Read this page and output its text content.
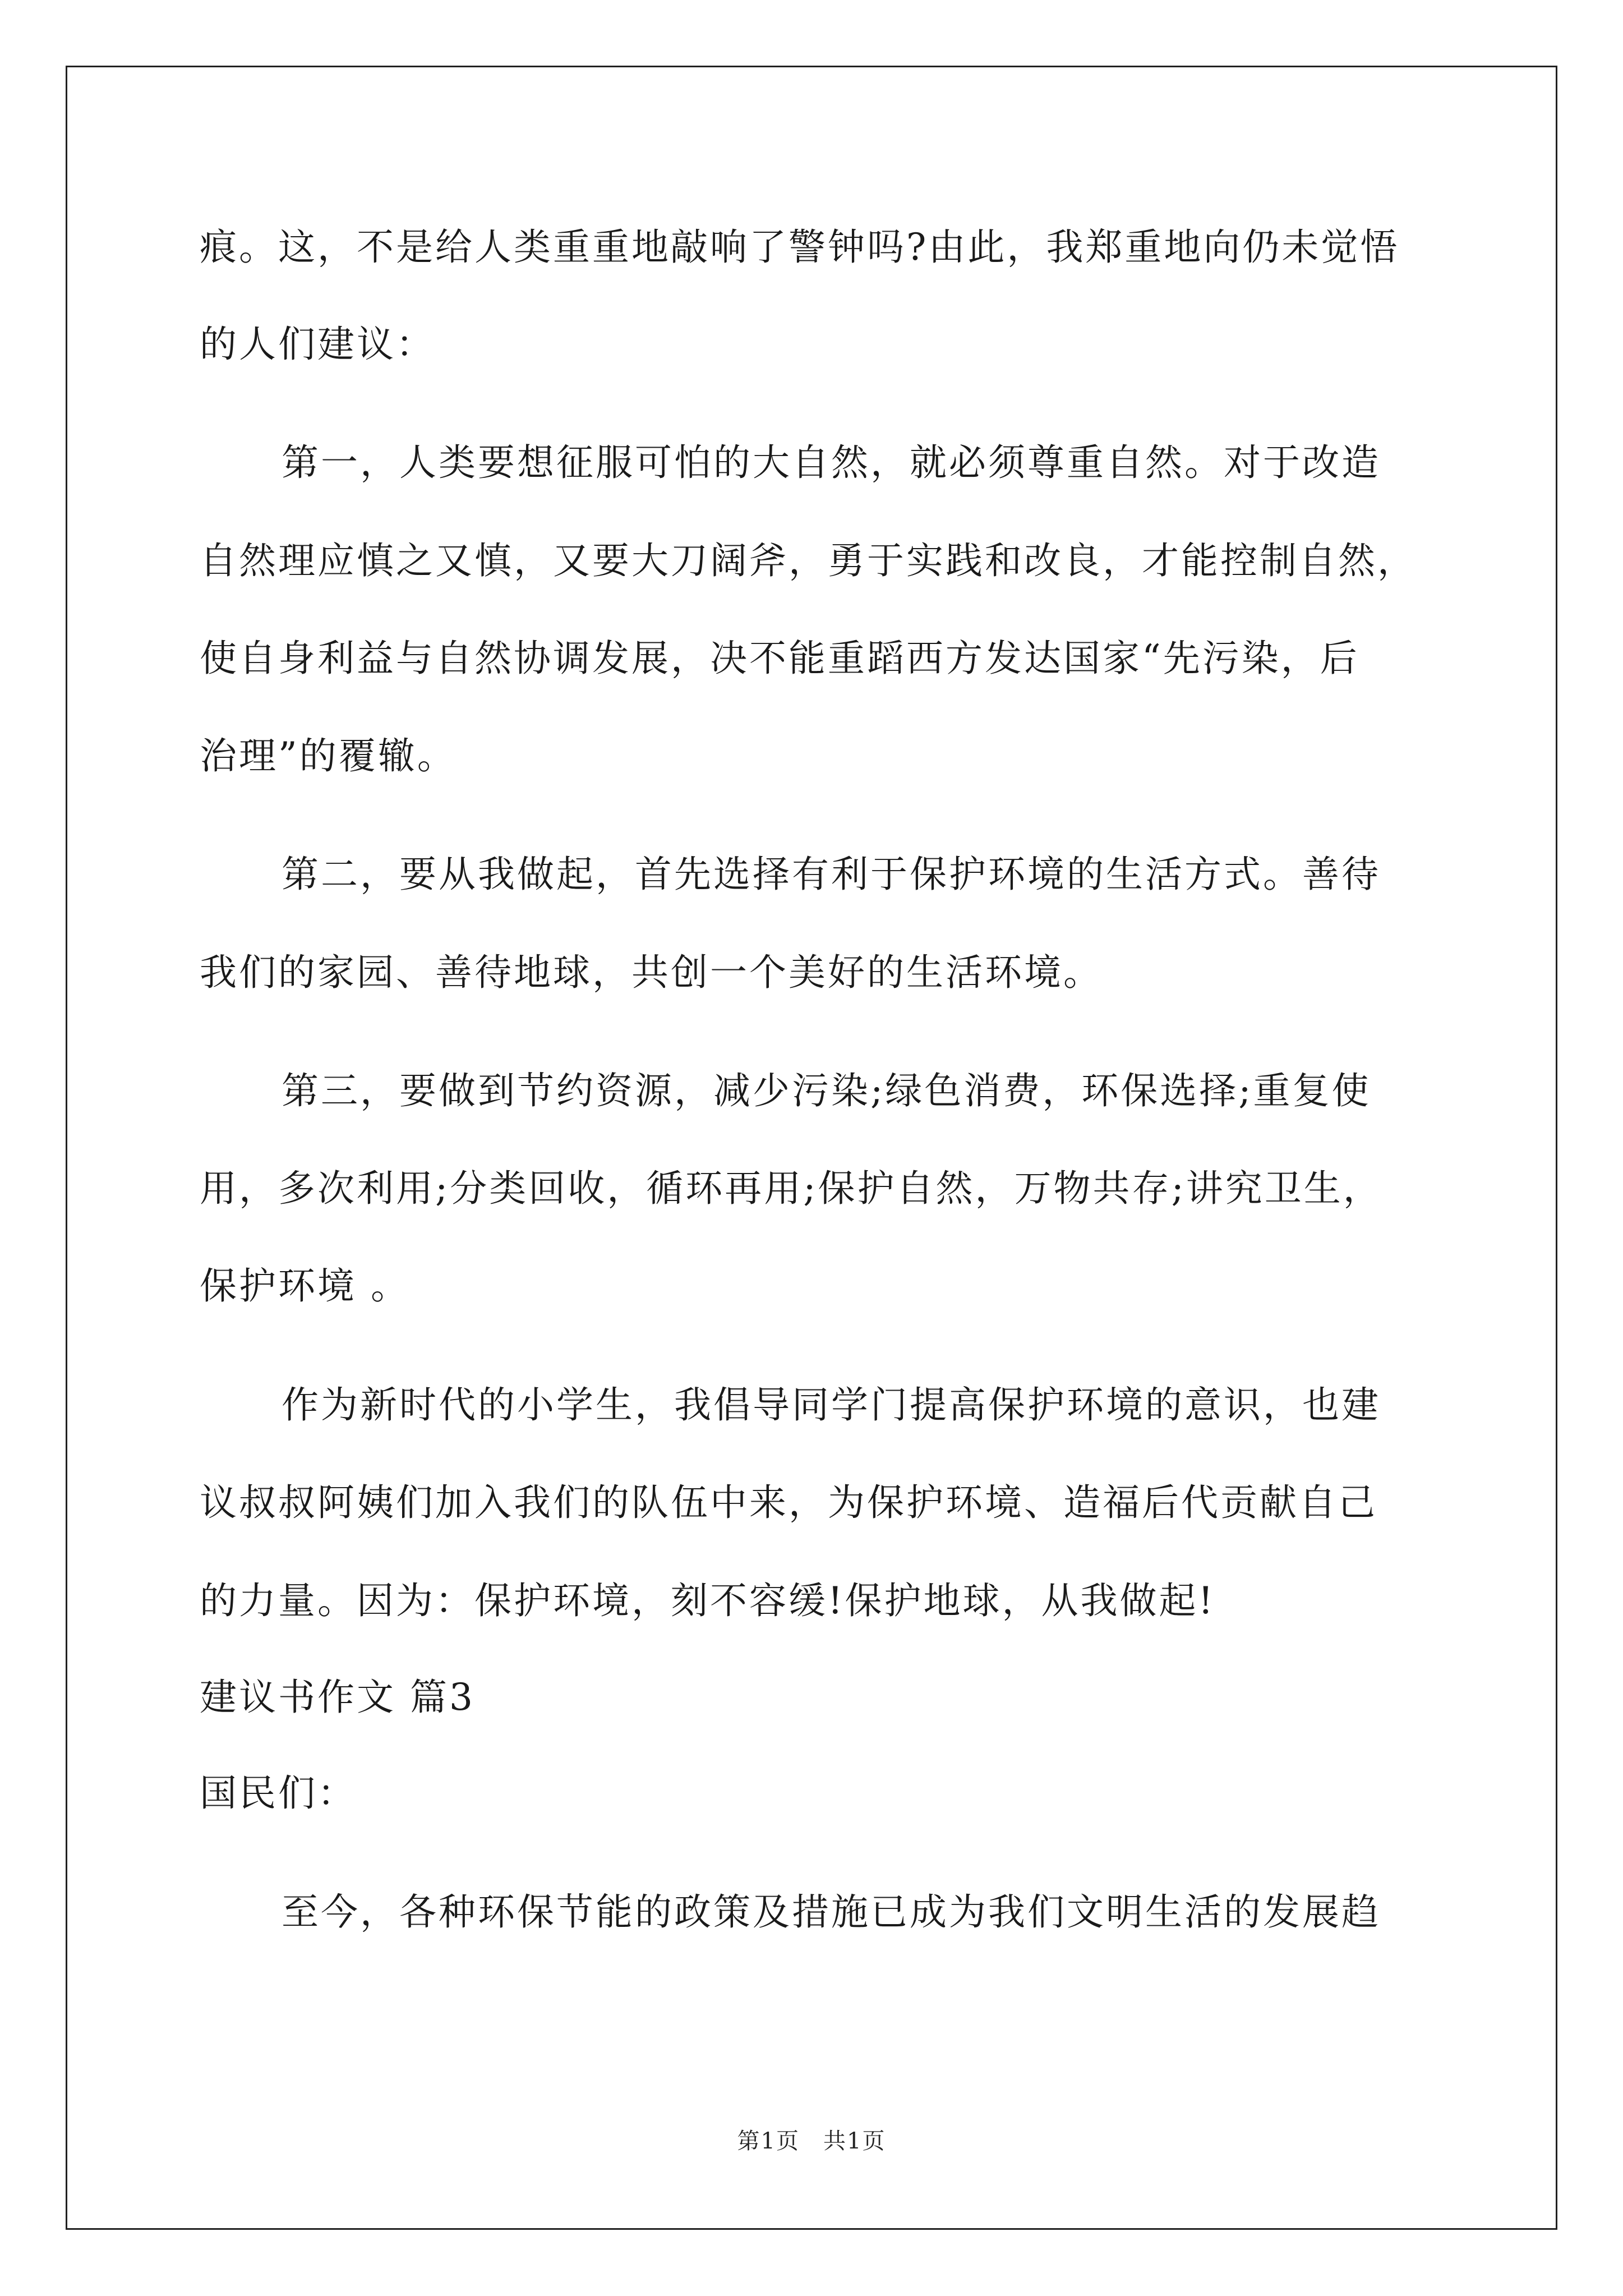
痕。这，不是给人类重重地敲响了警钟吗?由此，我郑重地向仍未觉悟
的人们建议：
第一，人类要想征服可怕的大自然，就必须尊重自然。对于改造
自然理应慎之又慎，又要大刀阔斧，勇于实践和改良，才能控制自然，
使自身利益与自然协调发展，决不能重蹈西方发达国家“先污染，后
治理”的覆辙。
第二，要从我做起，首先选择有利于保护环境的生活方式。善待
我们的家园、善待地球，共创一个美好的生活环境。
第三，要做到节约资源，减少污染;绿色消费，环保选择;重复使
用，多次利用;分类回收，循环再用;保护自然，万物共存;讲究卫生，
保护环境 。
作为新时代的小学生，我倡导同学门提高保护环境的意识，也建
议叔叔阿姨们加入我们的队伍中来，为保护环境、造福后代贡献自己
的力量。因为：保护环境，刻不容缓!保护地球，从我做起!
建议书作文 篇3
国民们：
至今，各种环保节能的政策及措施已成为我们文明生活的发展趋
第1页　共1页
